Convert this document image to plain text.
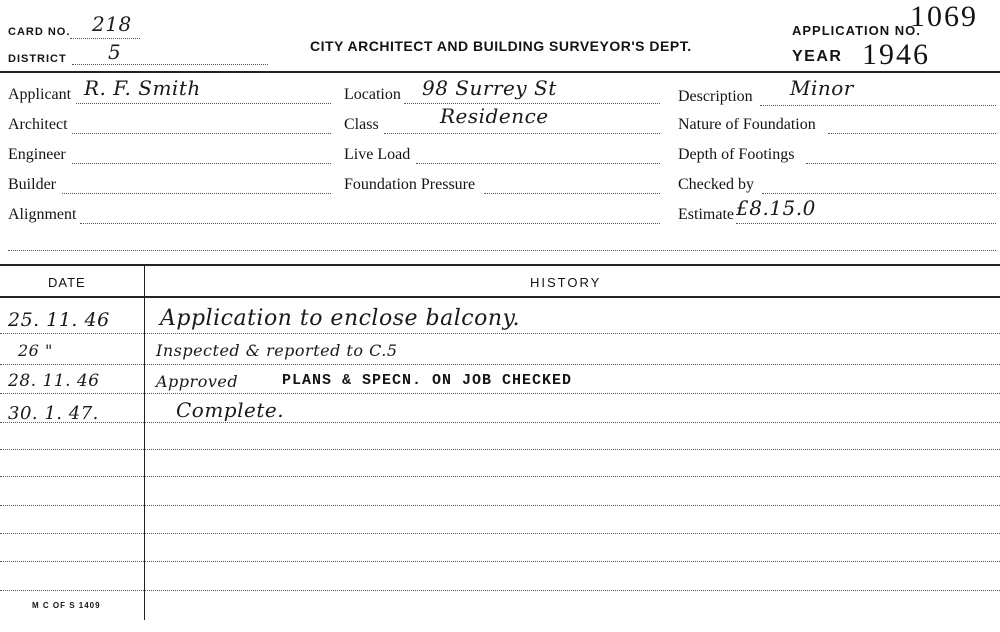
CARD NO. 218
DISTRICT 5	CITY ARCHITECT AND BUILDING SURVEYOR'S DEPT.
APPLICATION NO.
1069
YEAR 1946
Applicant R. F. Smith
Architect
Engineer
Builder
Alignment
Location 98 Surrey St
Class	Residence
Live Load
Foundation Pressure
Description Minor
Nature of Foundation
Depth of Footings
Checked by
Estimate £8.15.0
DATE	HISTORY
25. 11. 46 Application to enclose balcony.
26 "	Inspected & reported to C.5
28. 11. 46	Approved	PLANS & SPECN. ON JOB CHECKED
30. 1. 47.	Complete.
M C OF S 1409
